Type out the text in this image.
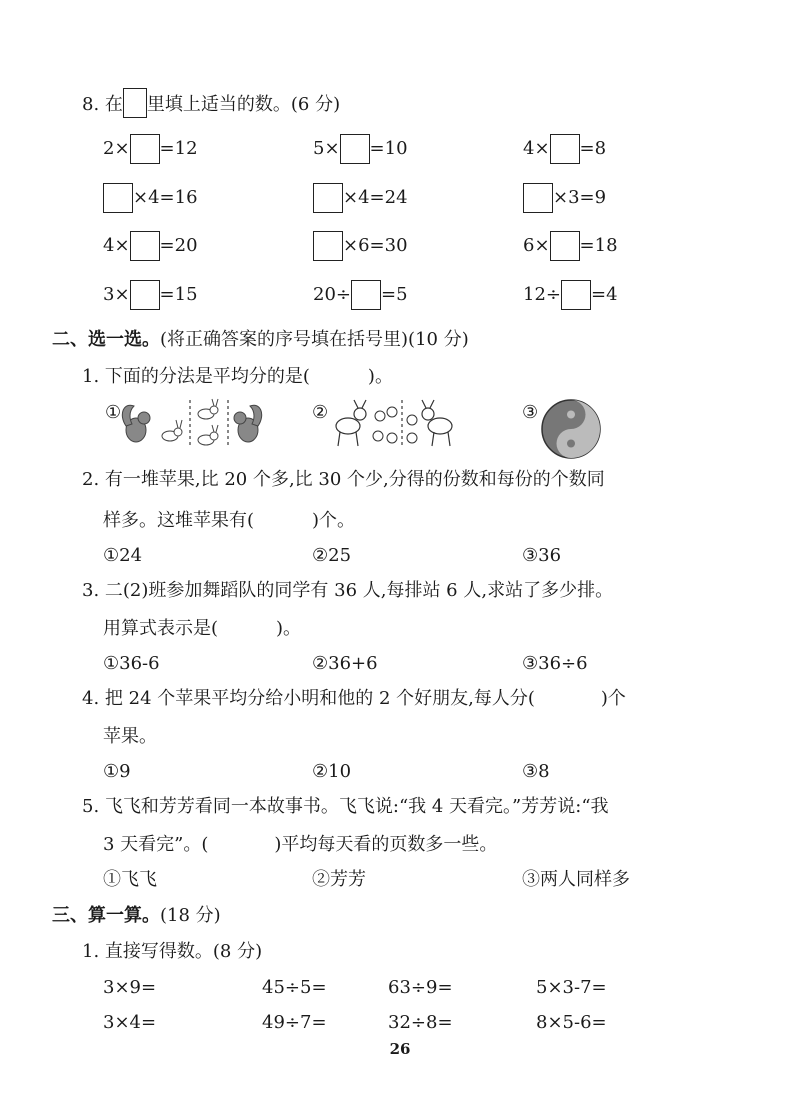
8. 在 里填上适当的数。(6 分)
2× =12	5× =10	4× =8
×4=16	×4=24	×3=9
4× =20	×6=30	6× =18
3× =15	20÷ =5	12÷ =4
二、选一选。(将正确答案的序号填在括号里)(10 分)
1. 下面的分法是平均分的是(	)。
①	②	③
2. 有一堆苹果,比 20 个多,比 30 个少,分得的份数和每份的个数同
样多。这堆苹果有(	)个。
①24	②25	③36
3. 二(2)班参加舞蹈队的同学有 36 人,每排站 6 人,求站了多少排。
用算式表示是(	)。
①36-6	②36+6	③36÷6
4. 把 24 个苹果平均分给小明和他的 2 个好朋友,每人分(	)个
苹果。
①9	②10	③8
5. 飞飞和芳芳看同一本故事书。飞飞说:“我 4 天看完。”芳芳说:“我
3 天看完”。(	)平均每天看的页数多一些。
①飞飞	②芳芳	③两人同样多
三、算一算。(18 分)
1. 直接写得数。(8 分)
3×9=	45÷5=	63÷9=	5×3-7=
3×4=	49÷7=	32÷8=	8×5-6=
26
